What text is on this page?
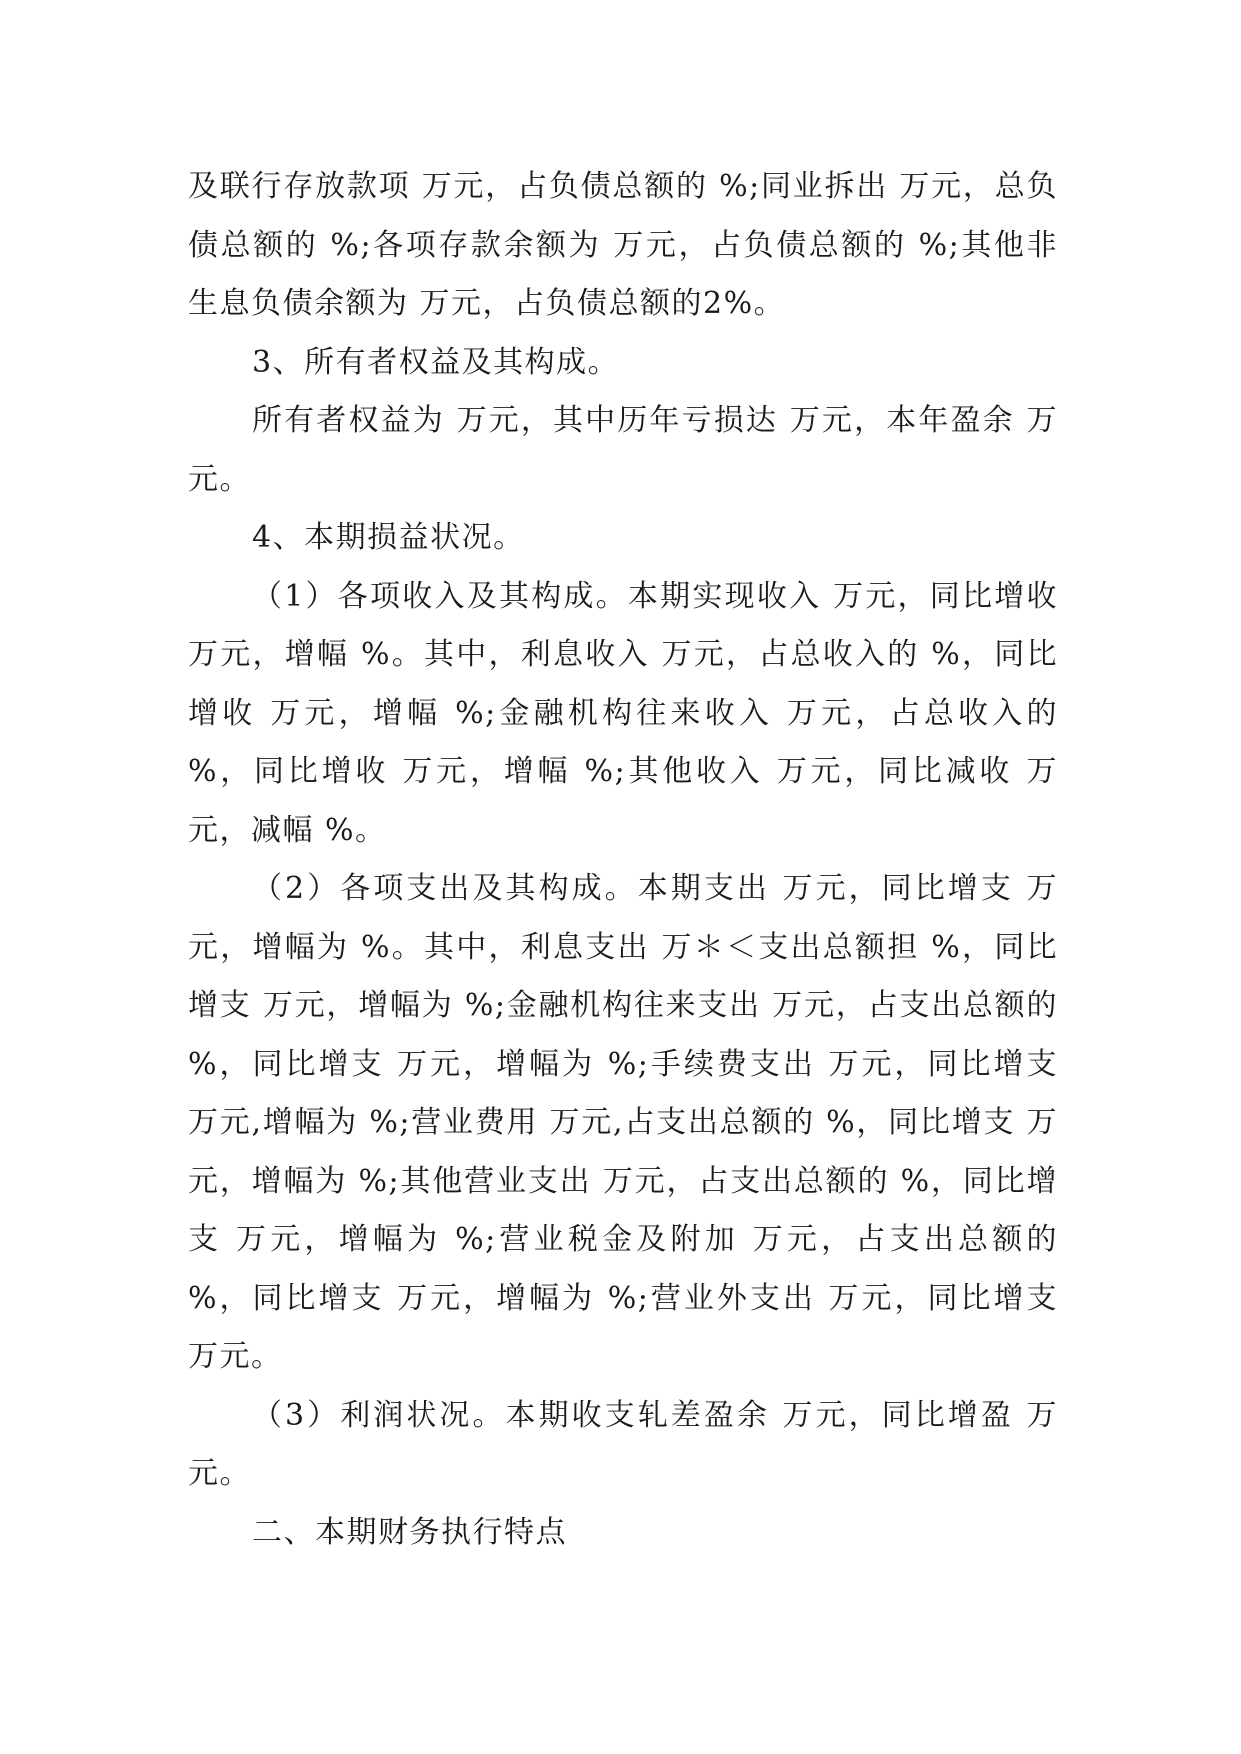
及联行存放款项 万元，占负债总额的 %;同业拆出 万元，总负债总额的 %;各项存款余额为 万元，占负债总额的 %;其他非生息负债余额为 万元，占负债总额的2%。

3、所有者权益及其构成。

所有者权益为 万元，其中历年亏损达 万元，本年盈余 万元。

4、本期损益状况。

（1）各项收入及其构成。本期实现收入 万元，同比增收 万元，增幅 %。其中，利息收入 万元，占总收入的 %，同比增收 万元，增幅 %;金融机构往来收入 万元，占总收入的 %，同比增收 万元，增幅 %;其他收入 万元，同比减收 万元，减幅 %。

（2）各项支出及其构成。本期支出 万元，同比增支 万元，增幅为 %。其中，利息支出 万＊＜支出总额担 %，同比增支 万元，增幅为 %;金融机构往来支出 万元，占支出总额的 %，同比增支 万元，增幅为 %;手续费支出 万元，同比增支 万元,增幅为 %;营业费用 万元,占支出总额的 %，同比增支 万元，增幅为 %;其他营业支出 万元，占支出总额的 %，同比增支 万元，增幅为 %;营业税金及附加 万元，占支出总额的 %，同比增支 万元，增幅为 %;营业外支出 万元，同比增支 万元。

（3）利润状况。本期收支轧差盈余 万元，同比增盈 万元。

二、本期财务执行特点
